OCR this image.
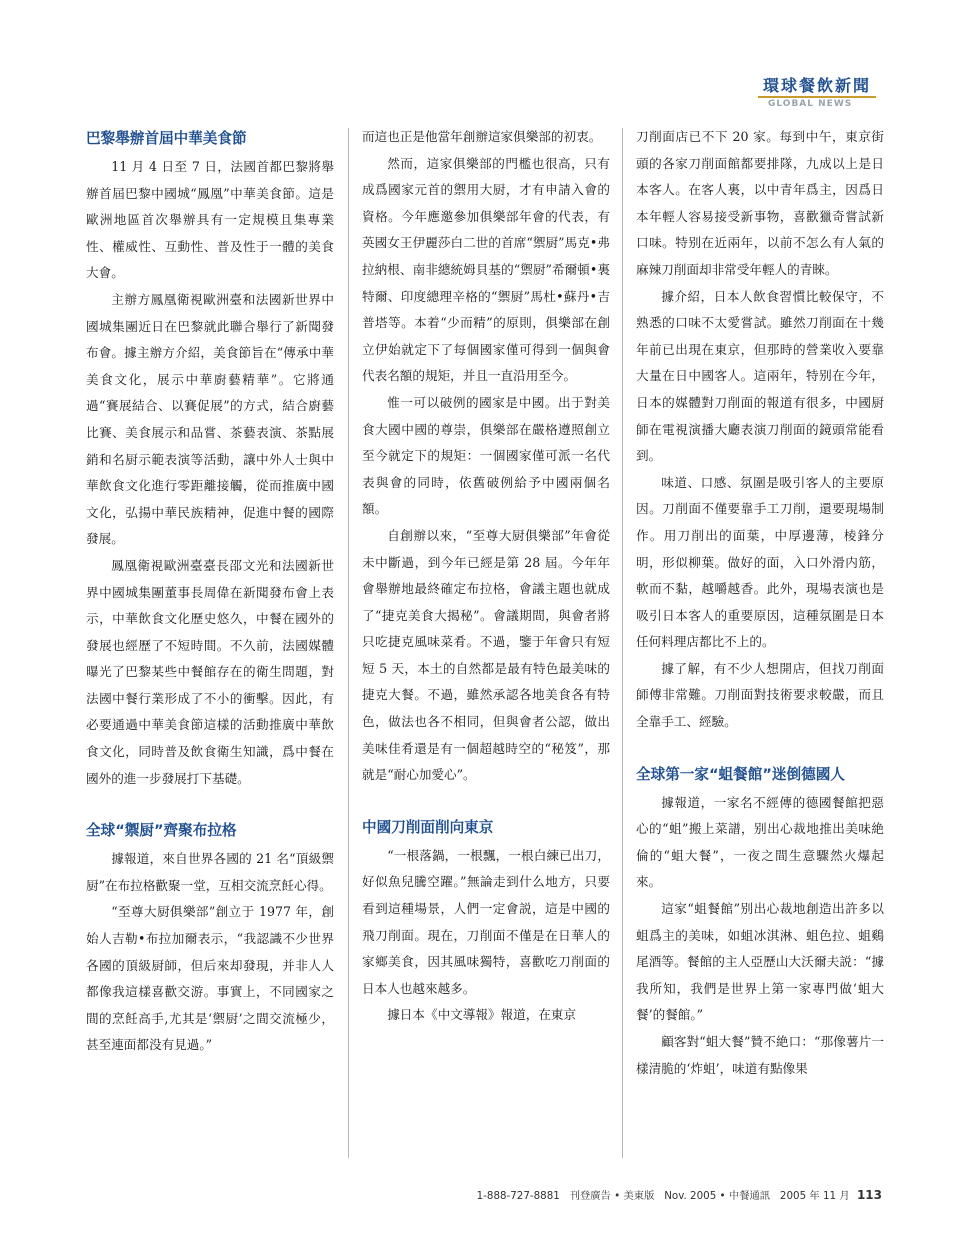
環球餐飲新聞
GLOBAL NEWS
巴黎舉辦首屆中華美食節

11 月 4 日至 7 日，法國首都巴黎將舉辦首屆巴黎中國城“鳳凰”中華美食節。這是歐洲地區首次舉辦具有一定規模且集專業性、權威性、互動性、普及性于一體的美食大會。

主辦方鳳凰衛視歐洲臺和法國新世界中國城集團近日在巴黎就此聯合舉行了新聞發布會。據主辦方介紹，美食節旨在“傳承中華美食文化，展示中華廚藝精華”。它將通過“賽展結合、以賽促展”的方式，結合廚藝比賽、美食展示和品嘗、茶藝表演、茶點展銷和名厨示範表演等活動，讓中外人士與中華飲食文化進行零距離接觸，從而推廣中國文化，弘揚中華民族精神，促進中餐的國際發展。

鳳凰衛視歐洲臺臺長邵文光和法國新世界中國城集團董事長周偉在新聞發布會上表示，中華飲食文化歷史悠久，中餐在國外的發展也經歷了不短時間。不久前，法國媒體曝光了巴黎某些中餐館存在的衛生問題，對法國中餐行業形成了不小的衝擊。因此，有必要通過中華美食節這樣的活動推廣中華飲食文化，同時普及飲食衛生知識，爲中餐在國外的進一步發展打下基礎。

全球“禦厨”齊聚布拉格

據報道，來自世界各國的 21 名“頂級禦厨”在布拉格歡聚一堂，互相交流烹飪心得。

“至尊大厨俱樂部”創立于 1977 年，創始人吉勒•布拉加爾表示，“我認識不少世界各國的頂級厨師，但后來却發現，并非人人都像我這樣喜歡交游。事實上，不同國家之間的烹飪高手,尤其是‘禦厨’之間交流極少，甚至連面都没有見過。”

而這也正是他當年創辦這家俱樂部的初衷。

然而，這家俱樂部的門檻也很高，只有成爲國家元首的禦用大厨，才有申請入會的資格。今年應邀參加俱樂部年會的代表，有英國女王伊麗莎白二世的首席“禦厨”馬克•弗拉納根、南非總統姆貝基的“禦厨”希爾頓•裏特爾、印度總理辛格的“禦厨”馬杜•蘇丹•吉普塔等。本着“少而精”的原則，俱樂部在創立伊始就定下了每個國家僅可得到一個與會代表名額的規矩，并且一直沿用至今。

惟一可以破例的國家是中國。出于對美食大國中國的尊崇，俱樂部在嚴格遵照創立至今就定下的規矩：一個國家僅可派一名代表與會的同時，依舊破例給予中國兩個名額。

自創辦以來，“至尊大厨俱樂部”年會從未中斷過，到今年已經是第 28 屆。今年年會舉辦地最終確定布拉格，會議主題也就成了“捷克美食大揭秘”。會議期間，與會者將只吃捷克風味菜肴。不過，鑒于年會只有短短 5 天，本土的自然都是最有特色最美味的捷克大餐。不過，雖然承認各地美食各有特色，做法也各不相同，但與會者公認，做出美味佳肴還是有一個超越時空的“秘笈”，那就是“耐心加愛心”。

中國刀削面削向東京

“一根落鍋，一根飄，一根白練已出刀，好似魚兒騰空躍。”無論走到什么地方，只要看到這種場景，人們一定會説，這是中國的飛刀削面。現在，刀削面不僅是在日華人的家鄉美食，因其風味獨特，喜歡吃刀削面的日本人也越來越多。

據日本《中文導報》報道，在東京

刀削面店已不下 20 家。每到中午，東京街頭的各家刀削面館都要排隊，九成以上是日本客人。在客人裏，以中青年爲主，因爲日本年輕人容易接受新事物，喜歡獵奇嘗試新口味。特别在近兩年，以前不怎么有人氣的麻辣刀削面却非常受年輕人的青睞。

據介紹，日本人飲食習慣比較保守，不熟悉的口味不太愛嘗試。雖然刀削面在十幾年前已出現在東京，但那時的營業收入要靠大量在日中國客人。這兩年，特别在今年，日本的媒體對刀削面的報道有很多，中國厨師在電視演播大廳表演刀削面的鏡頭常能看到。

味道、口感、氛圍是吸引客人的主要原因。刀削面不僅要靠手工刀削，還要現場制作。用刀削出的面葉，中厚邊薄，棱鋒分明，形似柳葉。做好的面，入口外滑内筋，軟而不黏，越嚼越香。此外，現場表演也是吸引日本客人的重要原因，這種氛圍是日本任何料理店都比不上的。

據了解，有不少人想開店，但找刀削面師傅非常難。刀削面對技術要求較嚴，而且全靠手工、經驗。

全球第一家“蛆餐館”迷倒德國人

據報道，一家名不經傳的德國餐館把惡心的“蛆”搬上菜譜，别出心裁地推出美味絶倫的“蛆大餐”，一夜之間生意驟然火爆起來。

這家“蛆餐館”别出心裁地創造出許多以蛆爲主的美味，如蛆冰淇淋、蛆色拉、蛆鷄尾酒等。餐館的主人亞歷山大沃爾夫説：“據我所知，我們是世界上第一家專門做‘蛆大餐’的餐館。”

顧客對“蛆大餐”贊不絶口：“那像薯片一樣清脆的‘炸蛆’，味道有點像果

1-888-727-8881 刊登廣告 • 美東版 Nov. 2005 • 中餐通訊 2005 年 11 月 113
